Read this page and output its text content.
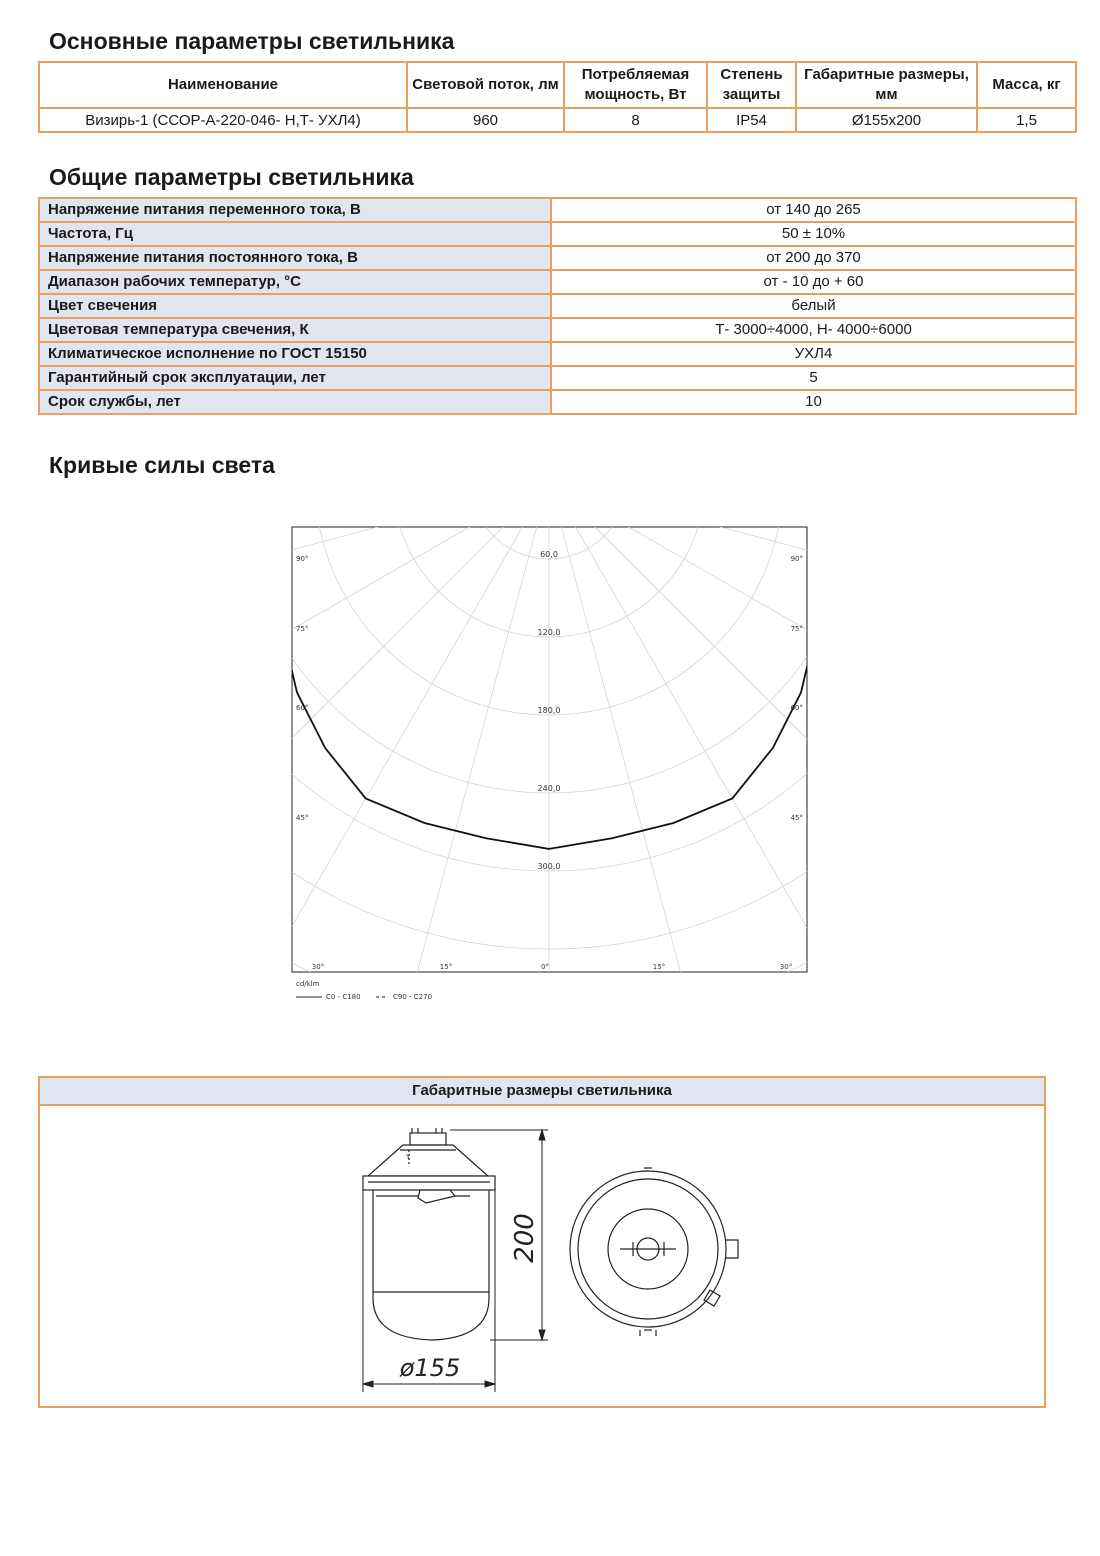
Основные параметры светильника
Наименование	Световой поток, лм	Потребляемая мощность, Вт	Степень защиты	Габаритные размеры, мм	Масса, кг
Визирь-1 (ССОР-А-220-046- Н,Т- УХЛ4)	960	8	IP54	Ø155x200	1,5
Общие параметры светильника
Напряжение питания переменного тока, В	от 140 до 265
Частота, Гц	50 ± 10%
Напряжение питания постоянного тока, В	от 200 до 370
Диапазон рабочих температур, °С	от - 10 до + 60
Цвет свечения	белый
Цветовая температура свечения, К	Т- 3000÷4000, Н- 4000÷6000
Климатическое исполнение по ГОСТ 15150	УХЛ4
Гарантийный срок эксплуатации, лет	5
Срок службы, лет	10
Кривые силы света
60,0
120,0
180,0
240,0
300,0
90°
75°
60°
45°
90°
75°
60°
45°
30°	15°	0°	15°	30°
cd/klm
C0 - C180	C90 - C270
Габаритные размеры светильника
Y
200
ø155
